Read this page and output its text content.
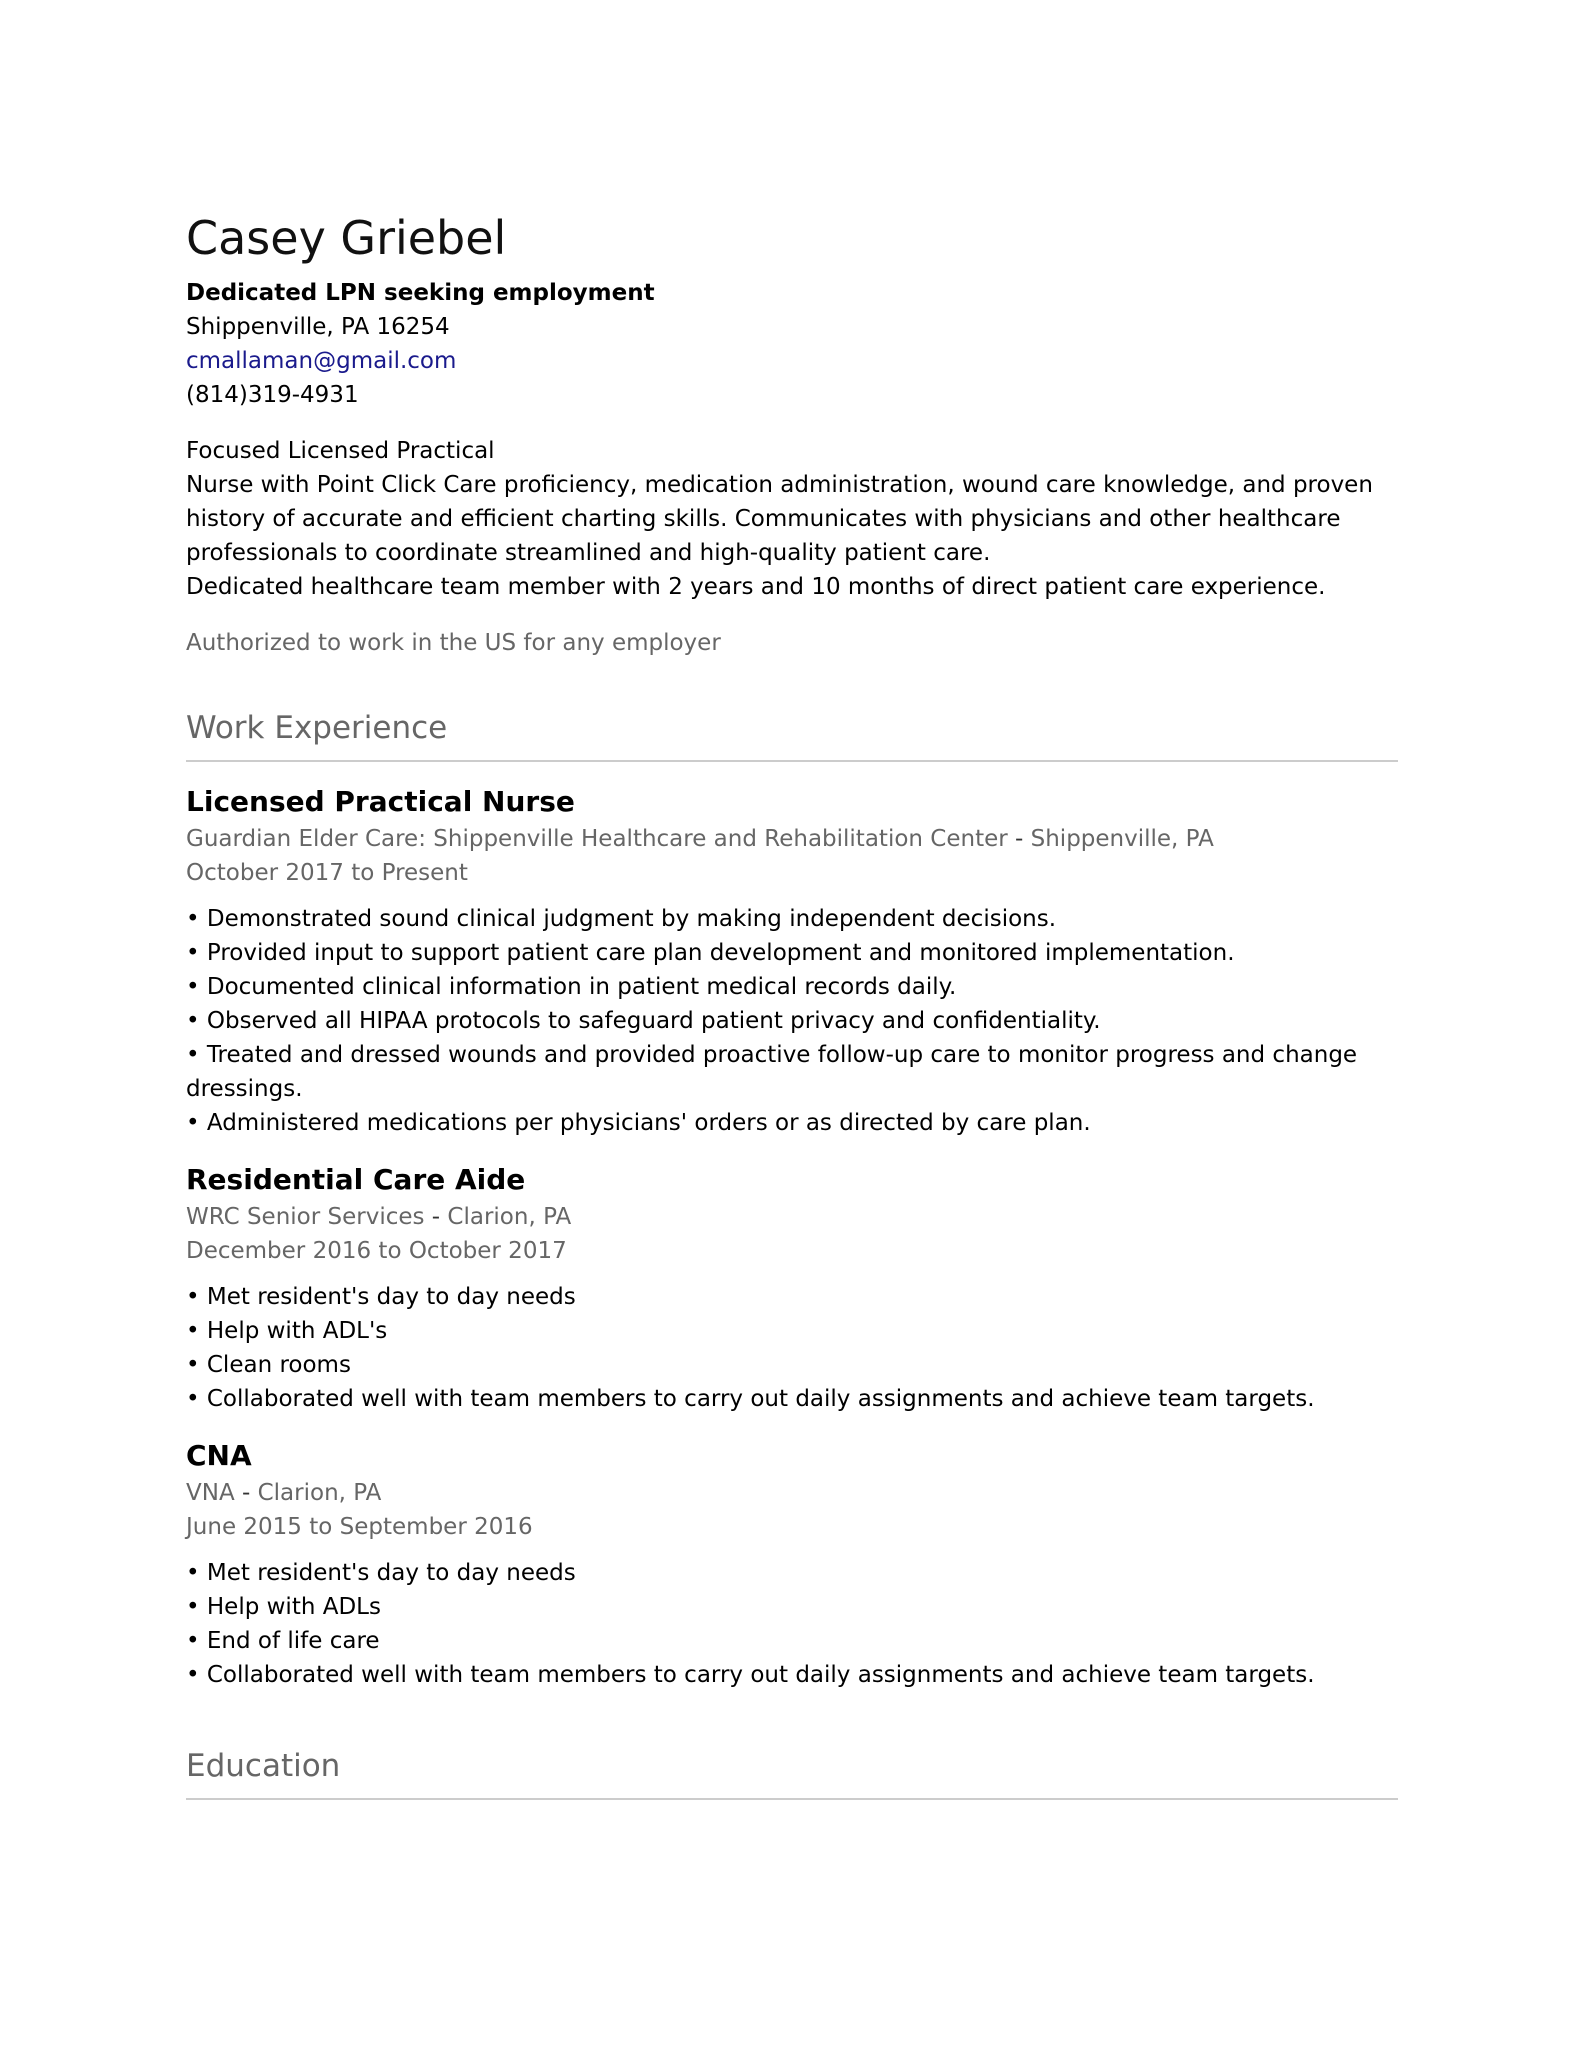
Casey Griebel
Dedicated LPN seeking employment
Shippenville, PA 16254
cmallaman@gmail.com
(814)319-4931
Focused Licensed Practical
Nurse with Point Click Care proficiency, medication administration, wound care knowledge, and proven history of accurate and efficient charting skills. Communicates with physicians and other healthcare professionals to coordinate streamlined and high-quality patient care.
Dedicated healthcare team member with 2 years and 10 months of direct patient care experience.
Authorized to work in the US for any employer
Work Experience
Licensed Practical Nurse
Guardian Elder Care: Shippenville Healthcare and Rehabilitation Center - Shippenville, PA
October 2017 to Present
• Demonstrated sound clinical judgment by making independent decisions.
• Provided input to support patient care plan development and monitored implementation.
• Documented clinical information in patient medical records daily.
• Observed all HIPAA protocols to safeguard patient privacy and confidentiality.
• Treated and dressed wounds and provided proactive follow-up care to monitor progress and change dressings.
• Administered medications per physicians' orders or as directed by care plan.
Residential Care Aide
WRC Senior Services - Clarion, PA
December 2016 to October 2017
• Met resident's day to day needs
• Help with ADL's
• Clean rooms
• Collaborated well with team members to carry out daily assignments and achieve team targets.
CNA
VNA - Clarion, PA
June 2015 to September 2016
• Met resident's day to day needs
• Help with ADLs
• End of life care
• Collaborated well with team members to carry out daily assignments and achieve team targets.
Education
